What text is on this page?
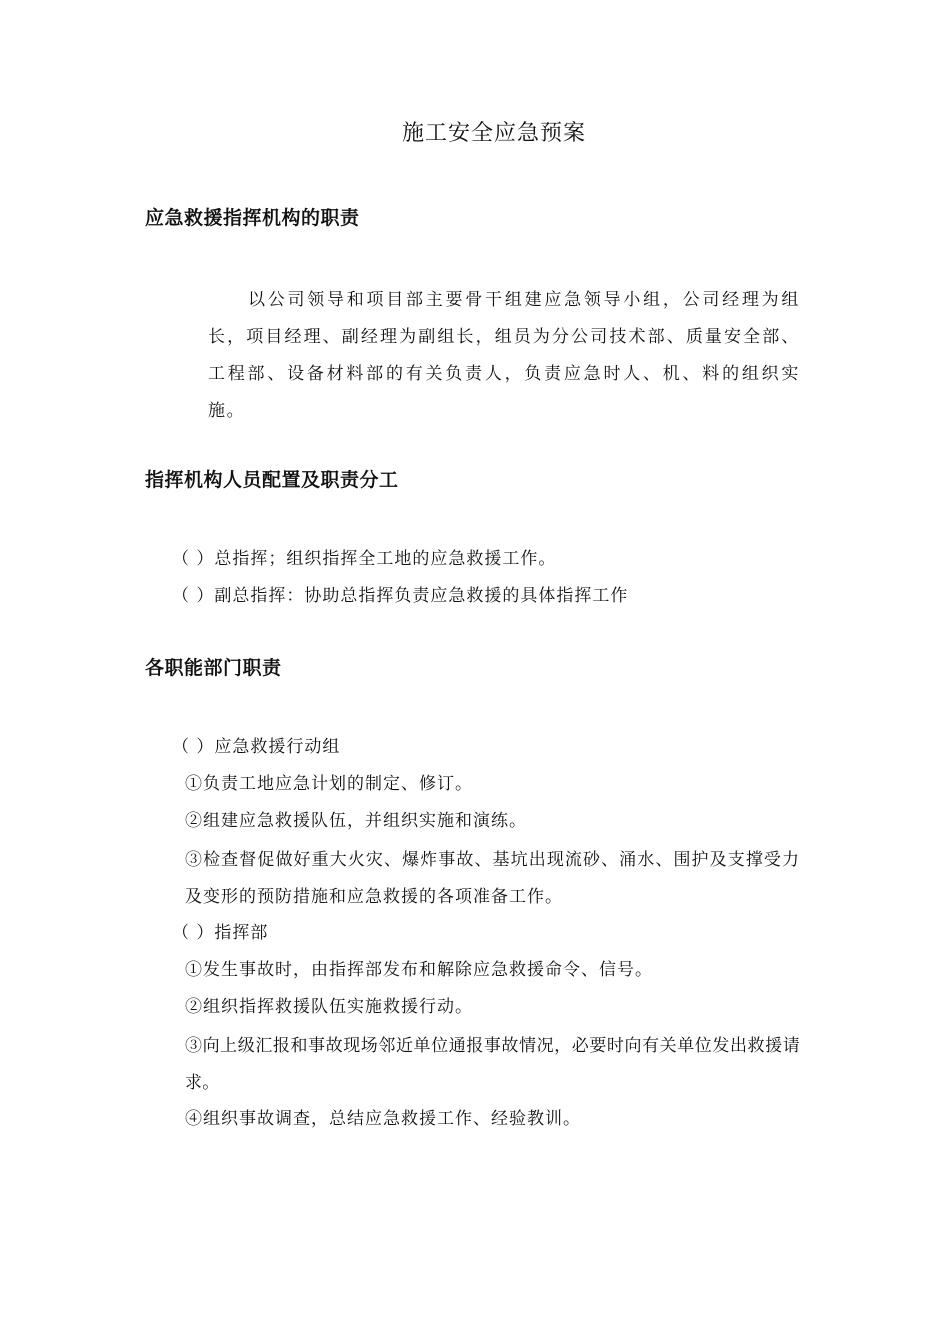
施工安全应急预案
应急救援指挥机构的职责
以公司领导和项目部主要骨干组建应急领导小组，公司经理为组长，项目经理、副经理为副组长，组员为分公司技术部、质量安全部、工程部、设备材料部的有关负责人，负责应急时人、机、料的组织实施。
指挥机构人员配置及职责分工
（ ）总指挥；组织指挥全工地的应急救援工作。
（ ）副总指挥：协助总指挥负责应急救援的具体指挥工作
各职能部门职责
（ ）应急救援行动组
①负责工地应急计划的制定、修订。
②组建应急救援队伍，并组织实施和演练。
③检查督促做好重大火灾、爆炸事故、基坑出现流砂、涌水、围护及支撑受力及变形的预防措施和应急救援的各项准备工作。
（ ）指挥部
①发生事故时，由指挥部发布和解除应急救援命令、信号。
②组织指挥救援队伍实施救援行动。
③向上级汇报和事故现场邻近单位通报事故情况，必要时向有关单位发出救援请求。
④组织事故调查，总结应急救援工作、经验教训。
